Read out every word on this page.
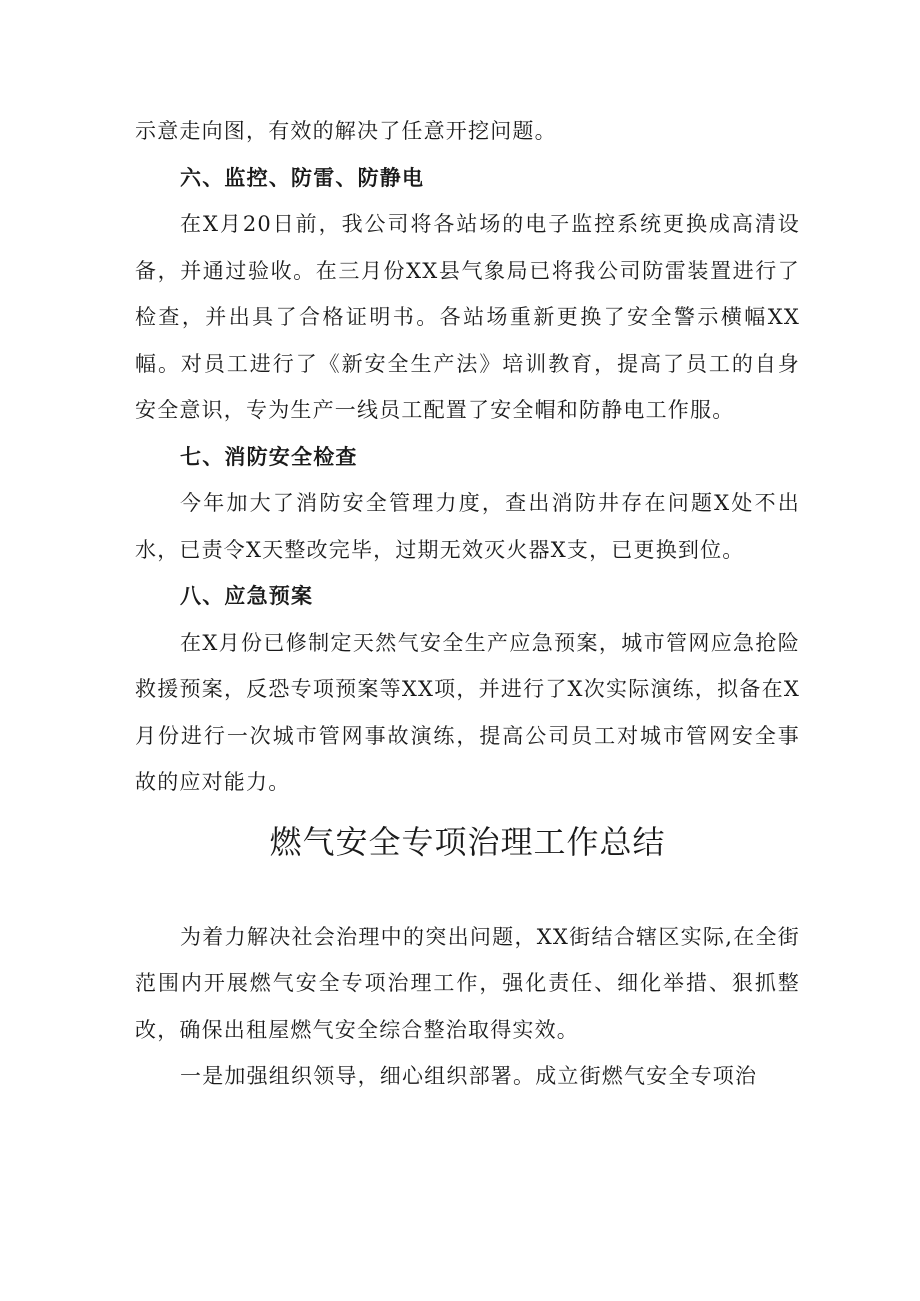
示意走向图，有效的解决了任意开挖问题。

六、监控、防雷、防静电

在X月20日前，我公司将各站场的电子监控系统更换成高清设备，并通过验收。在三月份XX县气象局已将我公司防雷装置进行了检查，并出具了合格证明书。各站场重新更换了安全警示横幅XX幅。对员工进行了《新安全生产法》培训教育，提高了员工的自身安全意识，专为生产一线员工配置了安全帽和防静电工作服。

七、消防安全检查

今年加大了消防安全管理力度，查出消防井存在问题X处不出水，已责令X天整改完毕，过期无效灭火器X支，已更换到位。

八、应急预案

在X月份已修制定天然气安全生产应急预案，城市管网应急抢险救援预案，反恐专项预案等XX项，并进行了X次实际演练，拟备在X月份进行一次城市管网事故演练，提高公司员工对城市管网安全事故的应对能力。

燃气安全专项治理工作总结

为着力解决社会治理中的突出问题，XX街结合辖区实际,在全街范围内开展燃气安全专项治理工作，强化责任、细化举措、狠抓整改，确保出租屋燃气安全综合整治取得实效。

一是加强组织领导，细心组织部署。成立街燃气安全专项治
